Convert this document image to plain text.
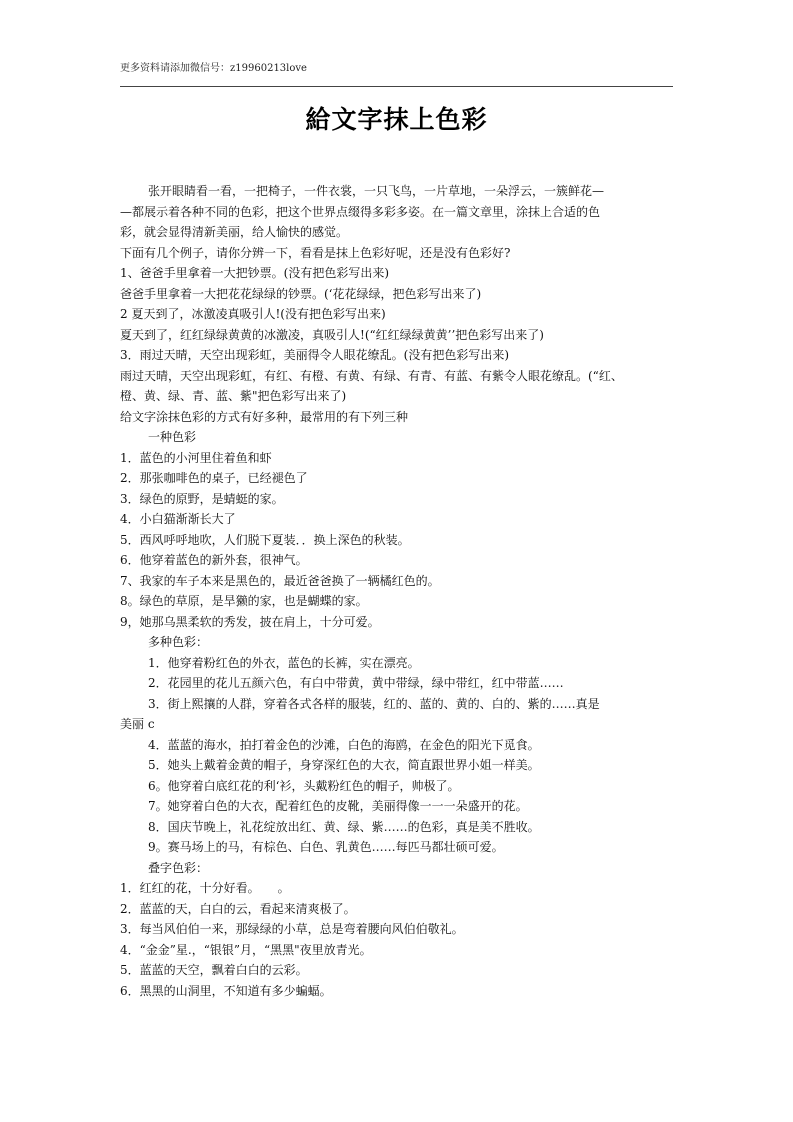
更多资料请添加微信号：z19960213love
給文字抹上色彩
张开眼睛看一看，一把椅子，一件衣裳，一只飞鸟，一片草地，一朵浮云，一簇鲜花—
—都展示着各种不同的色彩，把这个世界点缀得多彩多姿。在一篇文章里，涂抹上合适的色
彩，就会显得清新美丽，给人愉快的感觉。
下面有几个例子，请你分辨一下，看看是抹上色彩好呢，还是没有色彩好?
1、爸爸手里拿着一大把钞票。(没有把色彩写出来)
爸爸手里拿着一大把花花绿绿的钞票。(‘花花绿绿，把色彩写出来了)
2 夏天到了，冰激凌真吸引人!(没有把色彩写出来)
夏天到了，红红绿绿黄黄的冰激凌，真吸引人!(“红红绿绿黄黄’’把色彩写出来了)
3．雨过天晴，天空出现彩虹，美丽得令人眼花缭乱。(没有把色彩写出来)
雨过天晴，天空出现彩虹，有红、有橙、有黄、有绿、有青、有蓝、有紫令人眼花缭乱。(“红、
橙、黄、绿、青、蓝、紫"把色彩写出来了)
给文字涂抹色彩的方式有好多种，最常用的有下列三种
一种色彩
1．蓝色的小河里住着鱼和虾
2．那张咖啡色的桌子，已经褪色了
3．绿色的原野，是蜻蜓的家。
4．小白猫渐渐长大了
5．西风呼呼地吹，人们脱下夏装．．换上深色的秋装。
6．他穿着蓝色的新外套，很神气。
7、我家的车子本来是黑色的，最近爸爸换了一辆橘红色的。
8。绿色的草原，是旱獭的家，也是蝴蝶的家。
9，她那乌黑柔软的秀发，披在肩上，十分可爱。
多种色彩：
1．他穿着粉红色的外衣，蓝色的长裤，实在漂亮。
2．花园里的花儿五颜六色，有白中带黄，黄中带绿，绿中带红，红中带蓝……
3．街上熙攘的人群，穿着各式各样的服装，红的、蓝的、黄的、白的、紫的……真是
美丽 c
4．蓝蓝的海水，拍打着金色的沙滩，白色的海鸥，在金色的阳光下觅食。
5．她头上戴着金黄的帽子，身穿深红色的大衣，简直跟世界小姐一样美。
6。他穿着白底红花的利‘衫，头戴粉红色的帽子，帅极了。
7。她穿着白色的大衣，配着红色的皮靴，美丽得像一一一朵盛开的花。
8．国庆节晚上，礼花绽放出红、黄、绿、紫……的色彩，真是美不胜收。
9。赛马场上的马，有棕色、白色、乳黄色……每匹马都壮硕可爱。
叠字色彩：
1．红红的花，十分好看。　　。
2．蓝蓝的天，白白的云，看起来清爽极了。
3．每当风伯伯一来，那绿绿的小草，总是弯着腰向风伯伯敬礼。
4．“金金”星.，“银银”月，“黑黑"夜里放青光。
5．蓝蓝的天空，飘着白白的云彩。
6．黑黑的山洞里，不知道有多少蝙蝠。
